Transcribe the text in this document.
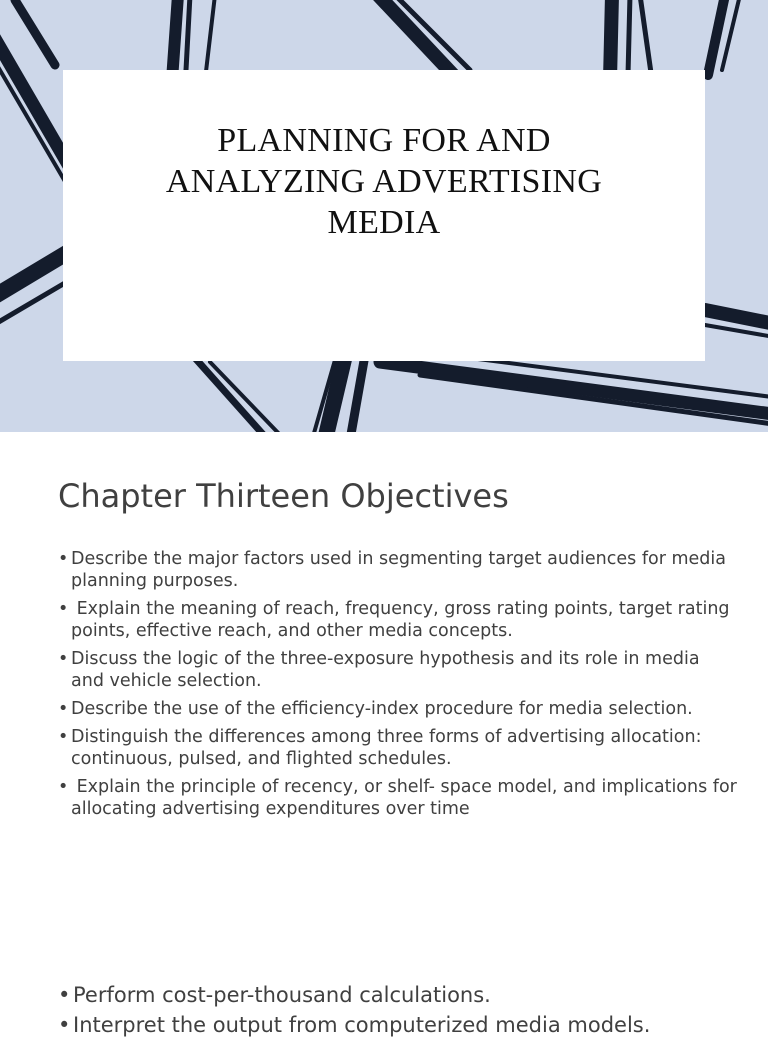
PLANNING FOR AND
ANALYZING ADVERTISING
MEDIA
Chapter Thirteen Objectives
• Describe the major factors used in segmenting target audiences for media planning purposes.
• Explain the meaning of reach, frequency, gross rating points, target rating points, effective reach, and other media concepts.
• Discuss the logic of the three-exposure hypothesis and its role in media and vehicle selection.
• Describe the use of the efficiency-index procedure for media selection.
• Distinguish the differences among three forms of advertising allocation: continuous, pulsed, and flighted schedules.
• Explain the principle of recency, or shelf- space model, and implications for allocating advertising expenditures over time
• Perform cost-per-thousand calculations.
• Interpret the output from computerized media models.
